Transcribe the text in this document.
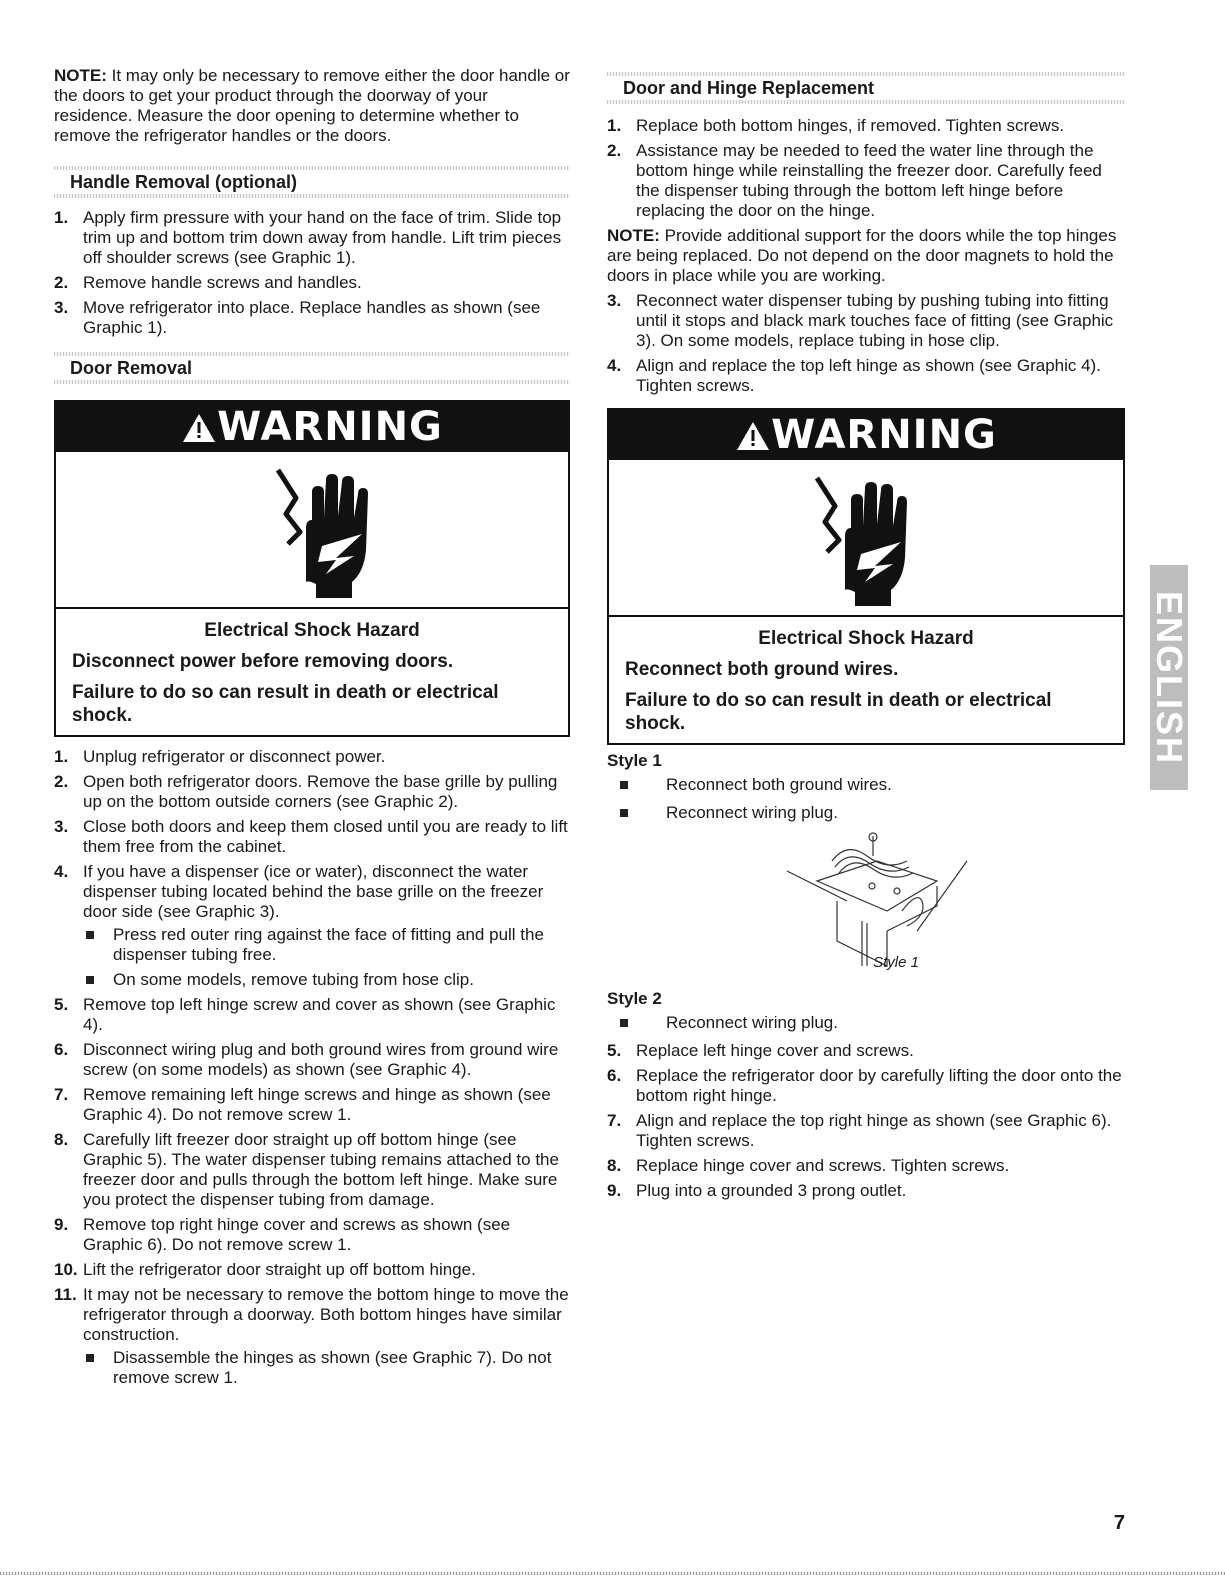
NOTE: It may only be necessary to remove either the door handle or the doors to get your product through the doorway of your residence. Measure the door opening to determine whether to remove the refrigerator handles or the doors.

Handle Removal (optional)
1. Apply firm pressure with your hand on the face of trim. Slide top trim up and bottom trim down away from handle. Lift trim pieces off shoulder screws (see Graphic 1).
2. Remove handle screws and handles.
3. Move refrigerator into place. Replace handles as shown (see Graphic 1).
Door Removal
WARNING

Electrical Shock Hazard

Disconnect power before removing doors.

Failure to do so can result in death or electrical shock.

1. Unplug refrigerator or disconnect power.
2. Open both refrigerator doors. Remove the base grille by pulling up on the bottom outside corners (see Graphic 2).
3. Close both doors and keep them closed until you are ready to lift them free from the cabinet.
4. If you have a dispenser (ice or water), disconnect the water dispenser tubing located behind the base grille on the freezer door side (see Graphic 3).
Press red outer ring against the face of fitting and pull the dispenser tubing free.
On some models, remove tubing from hose clip.
5. Remove top left hinge screw and cover as shown (see Graphic 4).
6. Disconnect wiring plug and both ground wires from ground wire screw (on some models) as shown (see Graphic 4).
7. Remove remaining left hinge screws and hinge as shown (see Graphic 4). Do not remove screw 1.
8. Carefully lift freezer door straight up off bottom hinge (see Graphic 5). The water dispenser tubing remains attached to the freezer door and pulls through the bottom left hinge. Make sure you protect the dispenser tubing from damage.
9. Remove top right hinge cover and screws as shown (see Graphic 6). Do not remove screw 1.
10. Lift the refrigerator door straight up off bottom hinge.
11. It may not be necessary to remove the bottom hinge to move the refrigerator through a doorway. Both bottom hinges have similar construction.
Disassemble the hinges as shown (see Graphic 7). Do not remove screw 1.
Door and Hinge Replacement
1. Replace both bottom hinges, if removed. Tighten screws.
2. Assistance may be needed to feed the water line through the bottom hinge while reinstalling the freezer door. Carefully feed the dispenser tubing through the bottom left hinge before replacing the door on the hinge.

NOTE: Provide additional support for the doors while the top hinges are being replaced. Do not depend on the door magnets to hold the doors in place while you are working.

3. Reconnect water dispenser tubing by pushing tubing into fitting until it stops and black mark touches face of fitting (see Graphic 3). On some models, replace tubing in hose clip.
4. Align and replace the top left hinge as shown (see Graphic 4). Tighten screws.
WARNING

Electrical Shock Hazard

Reconnect both ground wires.

Failure to do so can result in death or electrical shock.

Style 1
Reconnect both ground wires.
Reconnect wiring plug.
Style 1
Style 2
Reconnect wiring plug.
5. Replace left hinge cover and screws.
6. Replace the refrigerator door by carefully lifting the door onto the bottom right hinge.
7. Align and replace the top right hinge as shown (see Graphic 6). Tighten screws.
8. Replace hinge cover and screws. Tighten screws.
9. Plug into a grounded 3 prong outlet.
ENGLISH
7
